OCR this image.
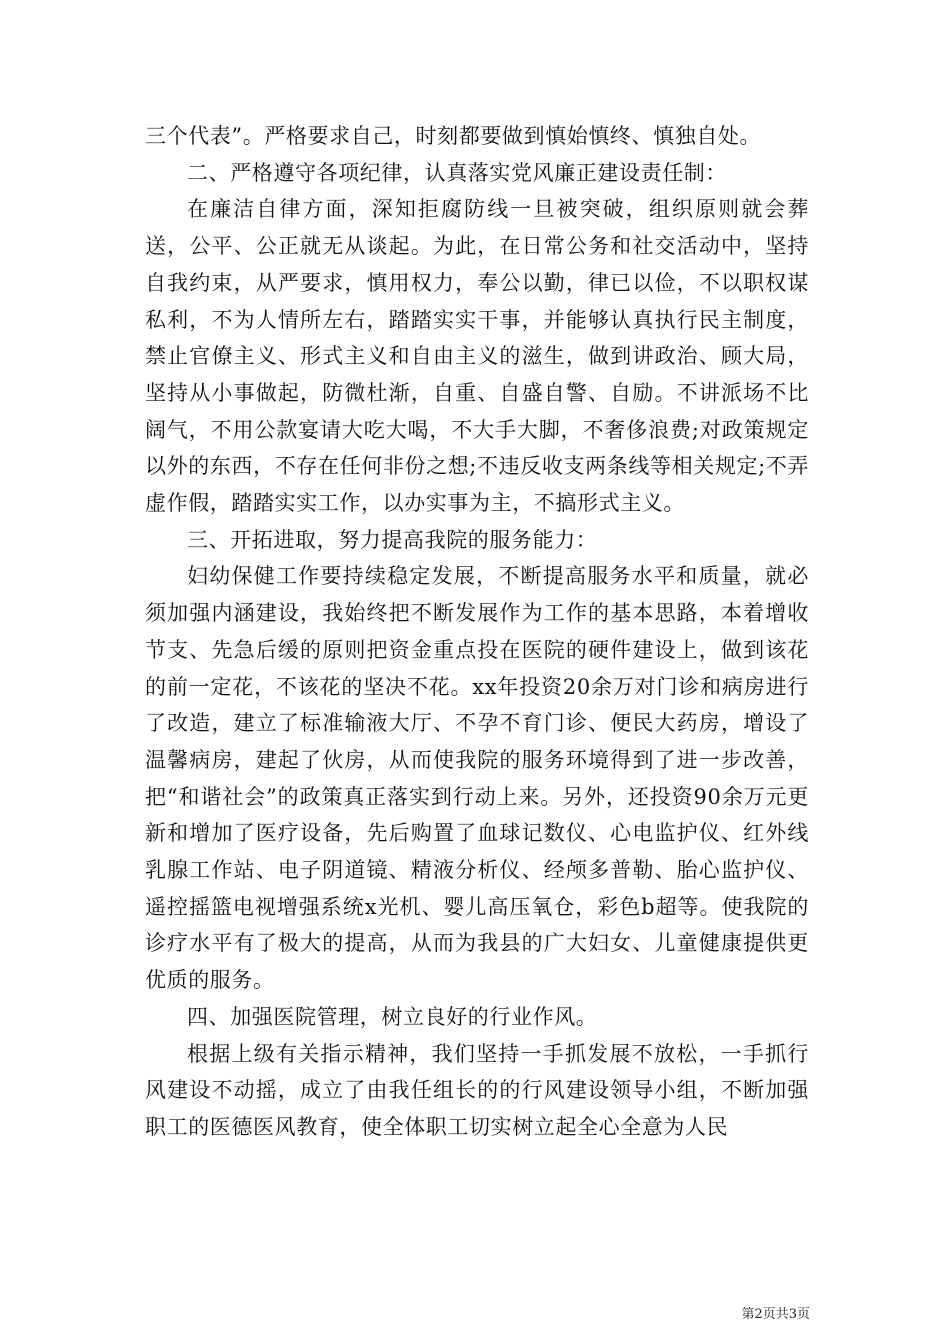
三个代表”。严格要求自己，时刻都要做到慎始慎终、慎独自处。

二、严格遵守各项纪律，认真落实党风廉正建设责任制：

在廉洁自律方面，深知拒腐防线一旦被突破，组织原则就会葬送，公平、公正就无从谈起。为此，在日常公务和社交活动中，坚持自我约束，从严要求，慎用权力，奉公以勤，律已以俭，不以职权谋私利，不为人情所左右，踏踏实实干事，并能够认真执行民主制度，禁止官僚主义、形式主义和自由主义的滋生，做到讲政治、顾大局，坚持从小事做起，防微杜渐，自重、自盛自警、自励。不讲派场不比阔气，不用公款宴请大吃大喝，不大手大脚，不奢侈浪费;对政策规定以外的东西，不存在任何非份之想;不违反收支两条线等相关规定;不弄虚作假，踏踏实实工作，以办实事为主，不搞形式主义。

三、开拓进取，努力提高我院的服务能力：

妇幼保健工作要持续稳定发展，不断提高服务水平和质量，就必须加强内涵建设，我始终把不断发展作为工作的基本思路，本着增收节支、先急后缓的原则把资金重点投在医院的硬件建设上，做到该花的前一定花，不该花的坚决不花。xx年投资20余万对门诊和病房进行了改造，建立了标准输液大厅、不孕不育门诊、便民大药房，增设了温馨病房，建起了伙房，从而使我院的服务环境得到了进一步改善，把“和谐社会”的政策真正落实到行动上来。另外，还投资90余万元更新和增加了医疗设备，先后购置了血球记数仪、心电监护仪、红外线乳腺工作站、电子阴道镜、精液分析仪、经颅多普勒、胎心监护仪、遥控摇篮电视增强系统x光机、婴儿高压氧仓，彩色b超等。使我院的诊疗水平有了极大的提高，从而为我县的广大妇女、儿童健康提供更优质的服务。

四、加强医院管理，树立良好的行业作风。

根据上级有关指示精神，我们坚持一手抓发展不放松，一手抓行风建设不动摇，成立了由我任组长的的行风建设领导小组，不断加强职工的医德医风教育，使全体职工切实树立起全心全意为人民

第2页共3页
